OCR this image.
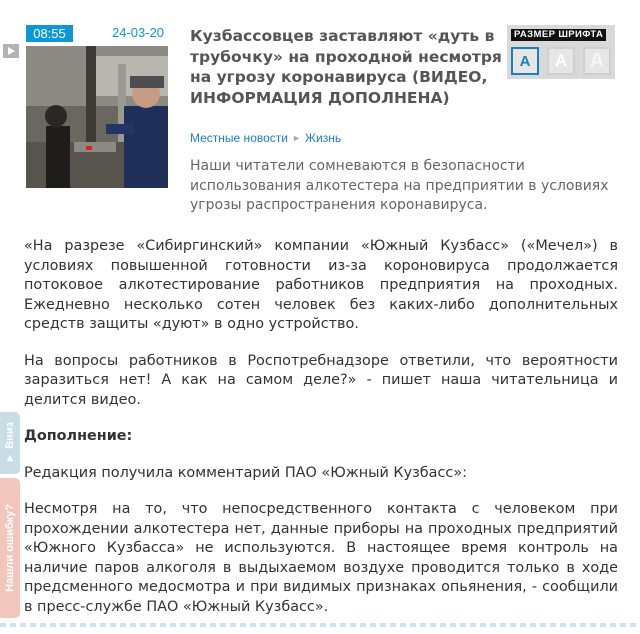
▼ Вниз
Нашли ошибку?
08:55	24-03-20 Кузбассовцев заставляют «дуть в трубочку» на проходной несмотря на угрозу коронавируса (ВИДЕО, ИНФОРМАЦИЯ ДОПОЛНЕНА)
Местные новости ► Жизнь
Наши читатели сомневаются в безопасности использования алкотестера на предприятии в условиях угрозы распространения коронавируса.
РАЗМЕР ШРИФТА
A	A	A

«На разрезе «Сибиргинский» компании «Южный Кузбасс» («Мечел») в условиях повышенной готовности из-за короновируса продолжается потоковое алкотестирование работников предприятия на проходных. Ежедневно несколько сотен человек без каких-либо дополнительных средств защиты «дуют» в одно устройство.

На вопросы работников в Роспотребнадзоре ответили, что вероятности заразиться нет! А как на самом деле?» - пишет наша читательница и делится видео.

Дополнение:

Редакция получила комментарий ПАО «Южный Кузбасс»:

Несмотря на то, что непосредственного контакта с человеком при прохождении алкотестера нет, данные приборы на проходных предприятий «Южного Кузбасса» не используются. В настоящее время контроль на наличие паров алкоголя в выдыхаемом воздухе проводится только в ходе предсменного медосмотра и при видимых признаках опьянения, - сообщили в пресс-службе ПАО «Южный Кузбасс».
